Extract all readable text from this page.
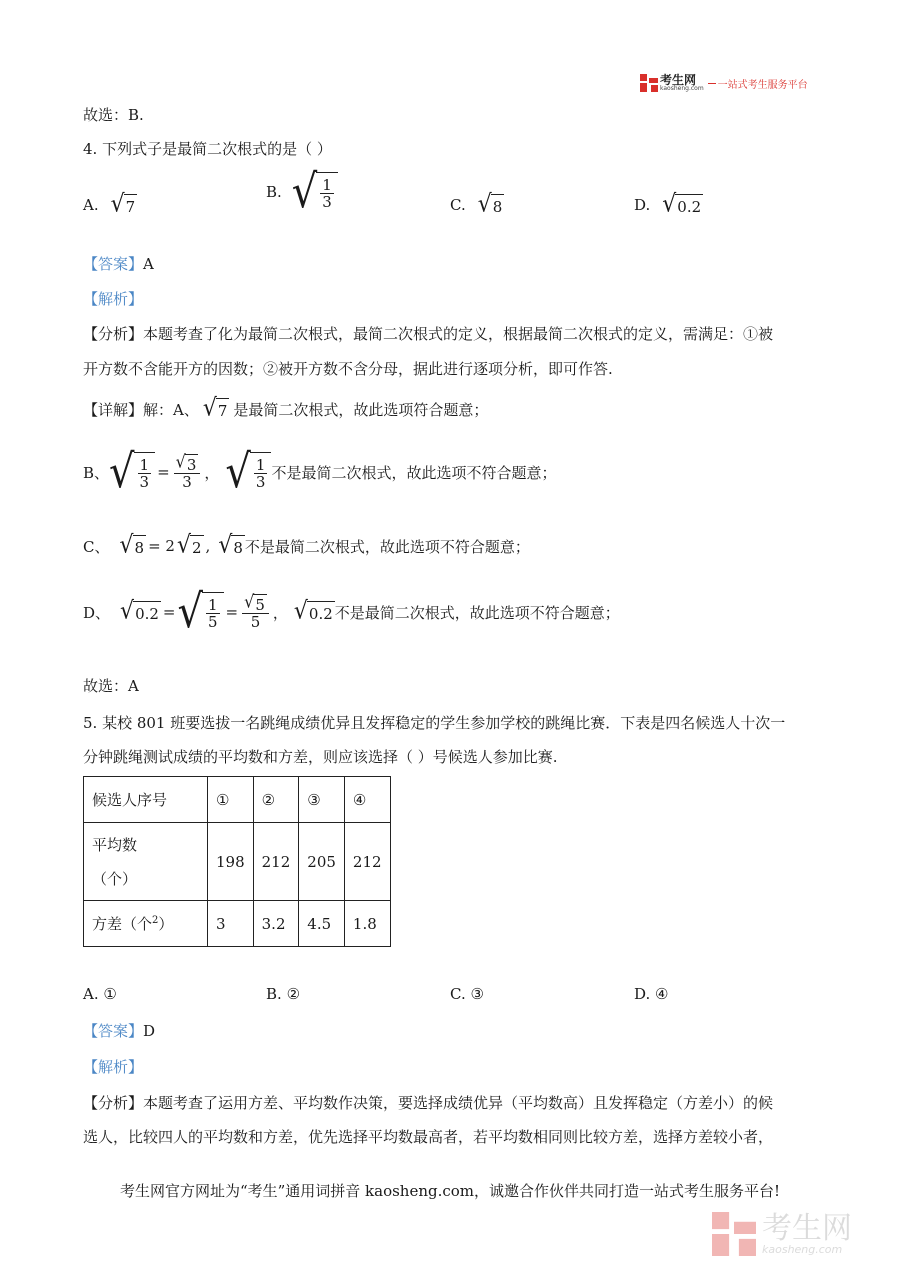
考生网
kaosheng.com 一站式考生服务平台
故选：B.
4. 下列式子是最简二次根式的是（ ）
A. √ 7
B. √ $\frac{1}{3}$	C. √ 8	D. √ 0.2
【答案】A
【解析】
【分析】本题考查了化为最简二次根式，最简二次根式的定义，根据最简二次根式的定义，需满足：①被
开方数不含能开方的因数；②被开方数不含分母，据此进行逐项分析，即可作答.
【详解】解：A、 √ 7 是最简二次根式，故此选项符合题意；
B、 √ $\frac{1}{3} = \frac{√ 3}{3}$ ， √ $\frac{1}{3}$ 不是最简二次根式，故此选项不符合题意；
C、 √ 8 = 2 √ 2 , √ 8 不是最简二次根式，故此选项不符合题意；
D、 √ 0.2 = √ $\frac{1}{5} = \frac{√ 5}{5}$ ， √ 0.2 不是最简二次根式，故此选项不符合题意；
故选：A
5. 某校 801 班要选拔一名跳绳成绩优异且发挥稳定的学生参加学校的跳绳比赛．下表是四名候选人十次一
分钟跳绳测试成绩的平均数和方差，则应该选择（ ）号候选人参加比赛.
候选人序号	①	②	③	④

平均数
（个）	198	212	205	212
方差（个$^2$）	3	3.2	4.5	1.8
A. ①	B. ②	C. ③	D. ④
【答案】D
【解析】
【分析】本题考查了运用方差、平均数作决策，要选择成绩优异（平均数高）且发挥稳定（方差小）的候
选人，比较四人的平均数和方差，优先选择平均数最高者，若平均数相同则比较方差，选择方差较小者，
考生网官方网址为“考生”通用词拼音 kaosheng.com，诚邀合作伙伴共同打造一站式考生服务平台!
考生网
kaosheng.com
